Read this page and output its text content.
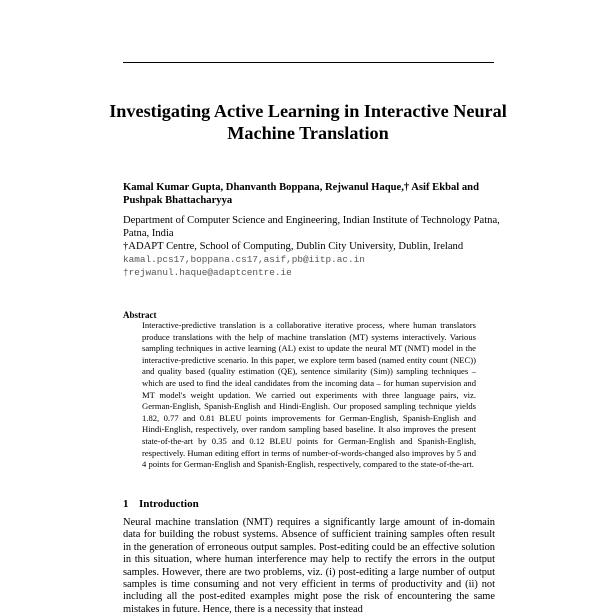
Investigating Active Learning in Interactive Neural Machine Translation
Kamal Kumar Gupta, Dhanvanth Boppana, Rejwanul Haque,† Asif Ekbal and Pushpak Bhattacharyya
Department of Computer Science and Engineering, Indian Institute of Technology Patna,
Patna, India
†ADAPT Centre, School of Computing, Dublin City University, Dublin, Ireland
kamal.pcs17,boppana.cs17,asif,pb@iitp.ac.in
†rejwanul.haque@adaptcentre.ie
Abstract
Interactive-predictive translation is a collaborative iterative process, where human translators produce translations with the help of machine translation (MT) systems interactively. Various sampling techniques in active learning (AL) exist to update the neural MT (NMT) model in the interactive-predictive scenario. In this paper, we explore term based (named entity count (NEC)) and quality based (quality estimation (QE), sentence similarity (Sim)) sampling techniques – which are used to find the ideal candidates from the incoming data – for human supervision and MT model's weight updation. We carried out experiments with three language pairs, viz. German-English, Spanish-English and Hindi-English. Our proposed sampling technique yields 1.82, 0.77 and 0.81 BLEU points improvements for German-English, Spanish-English and Hindi-English, respectively, over random sampling based baseline. It also improves the present state-of-the-art by 0.35 and 0.12 BLEU points for German-English and Spanish-English, respectively. Human editing effort in terms of number-of-words-changed also improves by 5 and 4 points for German-English and Spanish-English, respectively, compared to the state-of-the-art.
1 Introduction
Neural machine translation (NMT) requires a significantly large amount of in-domain data for building the robust systems. Absence of sufficient training samples often result in the generation of erroneous output samples. Post-editing could be an effective solution in this situation, where human interference may help to rectify the errors in the output samples. However, there are two problems, viz. (i) post-editing a large number of output samples is time consuming and not very efficient in terms of productivity and (ii) not including all the post-edited examples might pose the risk of encountering the same mistakes in future. Hence, there is a necessity that instead
